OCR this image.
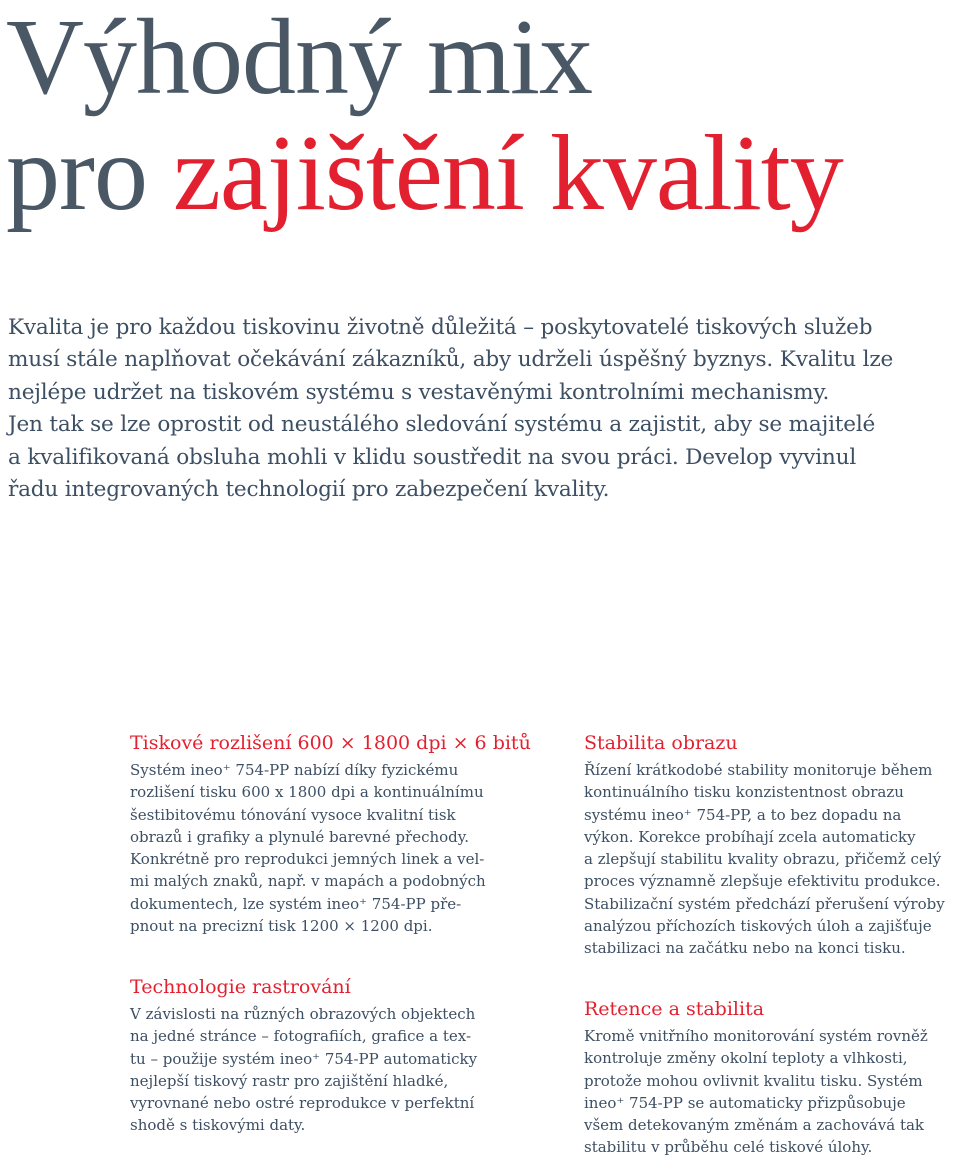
Výhodný mix
pro zajištění kvality

Kvalita je pro každou tiskovinu životně důležitá – poskytovatelé tiskových služeb
musí stále naplňovat očekávání zákazníků, aby udrželi úspěšný byznys. Kvalitu lze
nejlépe udržet na tiskovém systému s vestavěnými kontrolními mechanismy.
Jen tak se lze oprostit od neustálého sledování systému a zajistit, aby se majitelé
a kvalifikovaná obsluha mohli v klidu soustředit na svou práci. Develop vyvinul
řadu integrovaných technologií pro zabezpečení kvality.

Tiskové rozlišení 600 × 1800 dpi × 6 bitů

Systém ineo⁺ 754-PP nabízí díky fyzickému
rozlišení tisku 600 x 1800 dpi a kontinuálnímu
šestibitovému tónování vysoce kvalitní tisk
obrazů i grafiky a plynulé barevné přechody.
Konkrétně pro reprodukci jemných linek a vel-
mi malých znaků, např. v mapách a podobných
dokumentech, lze systém ineo⁺ 754-PP pře-
pnout na precizní tisk 1200 × 1200 dpi.

Technologie rastrování

V závislosti na různých obrazových objektech
na jedné stránce – fotografiích, grafice a tex-
tu – použije systém ineo⁺ 754-PP automaticky
nejlepší tiskový rastr pro zajištění hladké,
vyrovnané nebo ostré reprodukce v perfektní
shodě s tiskovými daty.

Stabilita obrazu

Řízení krátkodobé stability monitoruje během
kontinuálního tisku konzistentnost obrazu
systému ineo⁺ 754-PP, a to bez dopadu na
výkon. Korekce probíhají zcela automaticky
a zlepšují stabilitu kvality obrazu, přičemž celý
proces významně zlepšuje efektivitu produkce.
Stabilizační systém předchází přerušení výroby
analýzou příchozích tiskových úloh a zajišťuje
stabilizaci na začátku nebo na konci tisku.

Retence a stabilita

Kromě vnitřního monitorování systém rovněž
kontroluje změny okolní teploty a vlhkosti,
protože mohou ovlivnit kvalitu tisku. Systém
ineo⁺ 754-PP se automaticky přizpůsobuje
všem detekovaným změnám a zachovává tak
stabilitu v průběhu celé tiskové úlohy.
